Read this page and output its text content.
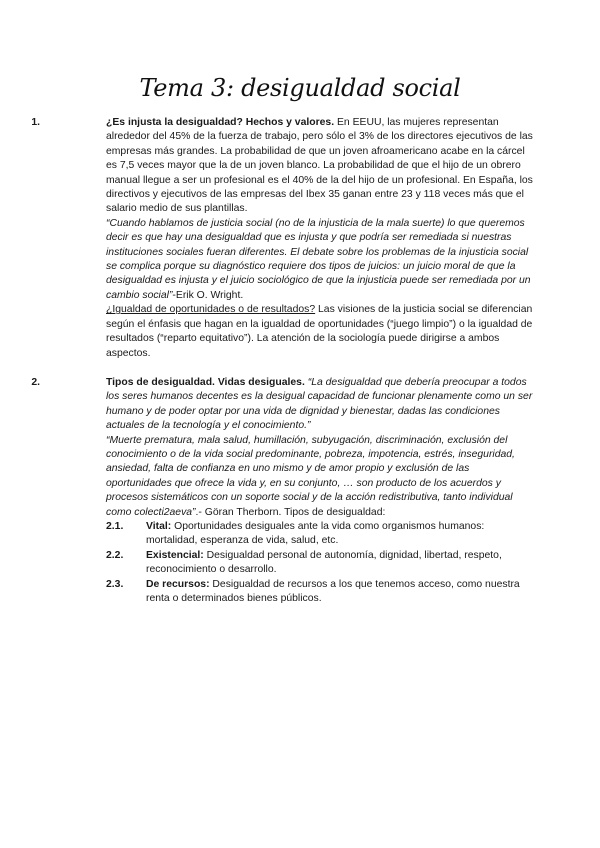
Tema 3: desigualdad social
1.	¿Es injusta la desigualdad? Hechos y valores. En EEUU, las mujeres representan alrededor del 45% de la fuerza de trabajo, pero sólo el 3% de los directores ejecutivos de las empresas más grandes. La probabilidad de que un joven afroamericano acabe en la cárcel es 7,5 veces mayor que la de un joven blanco. La probabilidad de que el hijo de un obrero manual llegue a ser un profesional es el 40% de la del hijo de un profesional. En España, los directivos y ejecutivos de las empresas del Ibex 35 ganan entre 23 y 118 veces más que el salario medio de sus plantillas.

“Cuando hablamos de justicia social (no de la injusticia de la mala suerte) lo que queremos decir es que hay una desigualdad que es injusta y que podría ser remediada si nuestras instituciones sociales fueran diferentes. El debate sobre los problemas de la injusticia social se complica porque su diagnóstico requiere dos tipos de juicios: un juicio moral de que la desigualdad es injusta y el juicio sociológico de que la injusticia puede ser remediada por un cambio social”-Erik O. Wright.

¿Igualdad de oportunidades o de resultados? Las visiones de la justicia social se diferencian según el énfasis que hagan en la igualdad de oportunidades (“juego limpio”) o la igualdad de resultados (“reparto equitativo”). La atención de la sociología puede dirigirse a ambos aspectos.

2.	Tipos de desigualdad. Vidas desiguales. “La desigualdad que debería preocupar a todos los seres humanos decentes es la desigual capacidad de funcionar plenamente como un ser humano y de poder optar por una vida de dignidad y bienestar, dadas las condiciones actuales de la tecnología y el conocimiento.”

“Muerte prematura, mala salud, humillación, subyugación, discriminación, exclusión del conocimiento o de la vida social predominante, pobreza, impotencia, estrés, inseguridad, ansiedad, falta de confianza en uno mismo y de amor propio y exclusión de las oportunidades que ofrece la vida y, en su conjunto, … son producto de los acuerdos y procesos sistemáticos con un soporte social y de la acción redistributiva, tanto individual como colecti2aeva”.- Göran Therborn. Tipos de desigualdad:

2.1.	Vital: Oportunidades desiguales ante la vida como organismos humanos: mortalidad, esperanza de vida, salud, etc.

2.2.	Existencial: Desigualdad personal de autonomía, dignidad, libertad, respeto, reconocimiento o desarrollo.

2.3.	De recursos: Desigualdad de recursos a los que tenemos acceso, como nuestra renta o determinados bienes públicos.
